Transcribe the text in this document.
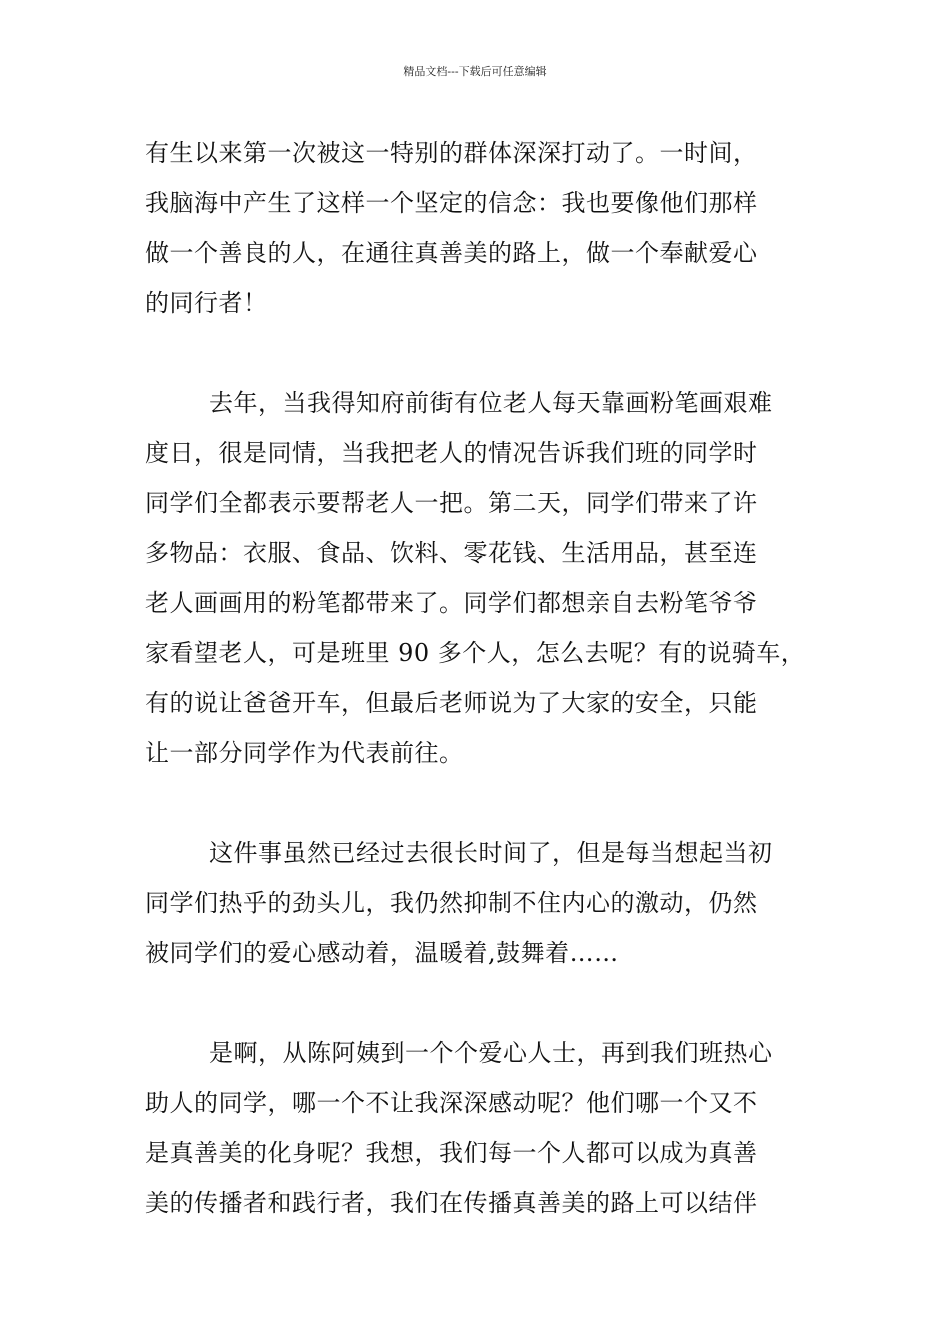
精品文档---下载后可任意编辑
有生以来第一次被这一特别的群体深深打动了。一时间，
我脑海中产生了这样一个坚定的信念：我也要像他们那样
做一个善良的人，在通往真善美的路上，做一个奉献爱心
的同行者！
去年，当我得知府前街有位老人每天靠画粉笔画艰难
度日，很是同情，当我把老人的情况告诉我们班的同学时
同学们全都表示要帮老人一把。第二天，同学们带来了许
多物品：衣服、食品、饮料、零花钱、生活用品，甚至连
老人画画用的粉笔都带来了。同学们都想亲自去粉笔爷爷
家看望老人，可是班里 90 多个人，怎么去呢？有的说骑车，
有的说让爸爸开车，但最后老师说为了大家的安全，只能
让一部分同学作为代表前往。
这件事虽然已经过去很长时间了，但是每当想起当初
同学们热乎的劲头儿，我仍然抑制不住内心的激动，仍然
被同学们的爱心感动着，温暖着,鼓舞着……
是啊，从陈阿姨到一个个爱心人士，再到我们班热心
助人的同学，哪一个不让我深深感动呢？他们哪一个又不
是真善美的化身呢？我想，我们每一个人都可以成为真善
美的传播者和践行者，我们在传播真善美的路上可以结伴
